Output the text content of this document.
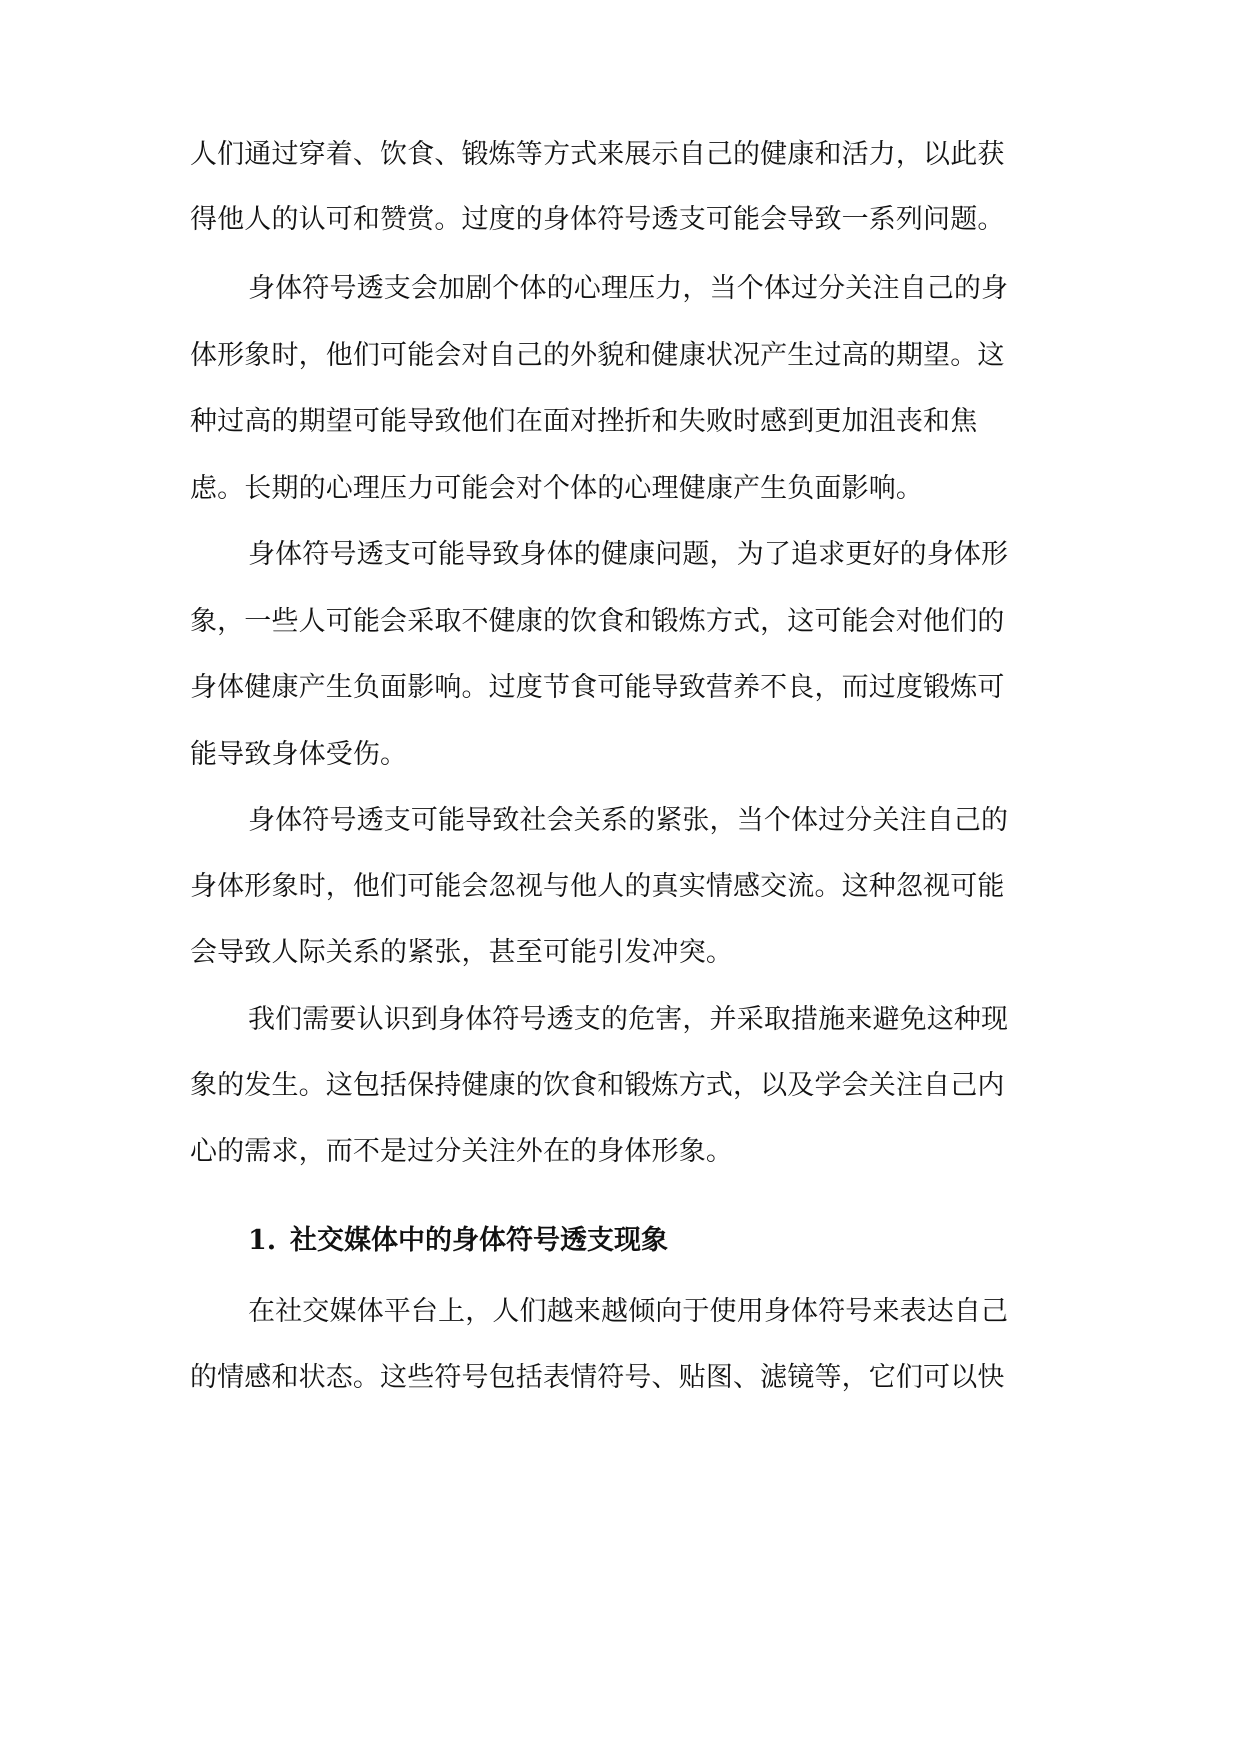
人们通过穿着、饮食、锻炼等方式来展示自己的健康和活力，以此获
得他人的认可和赞赏。过度的身体符号透支可能会导致一系列问题。
身体符号透支会加剧个体的心理压力，当个体过分关注自己的身
体形象时，他们可能会对自己的外貌和健康状况产生过高的期望。这
种过高的期望可能导致他们在面对挫折和失败时感到更加沮丧和焦
虑。长期的心理压力可能会对个体的心理健康产生负面影响。
身体符号透支可能导致身体的健康问题，为了追求更好的身体形
象，一些人可能会采取不健康的饮食和锻炼方式，这可能会对他们的
身体健康产生负面影响。过度节食可能导致营养不良，而过度锻炼可
能导致身体受伤。
身体符号透支可能导致社会关系的紧张，当个体过分关注自己的
身体形象时，他们可能会忽视与他人的真实情感交流。这种忽视可能
会导致人际关系的紧张，甚至可能引发冲突。
我们需要认识到身体符号透支的危害，并采取措施来避免这种现
象的发生。这包括保持健康的饮食和锻炼方式，以及学会关注自己内
心的需求，而不是过分关注外在的身体形象。
1. 社交媒体中的身体符号透支现象
在社交媒体平台上，人们越来越倾向于使用身体符号来表达自己
的情感和状态。这些符号包括表情符号、贴图、滤镜等，它们可以快
